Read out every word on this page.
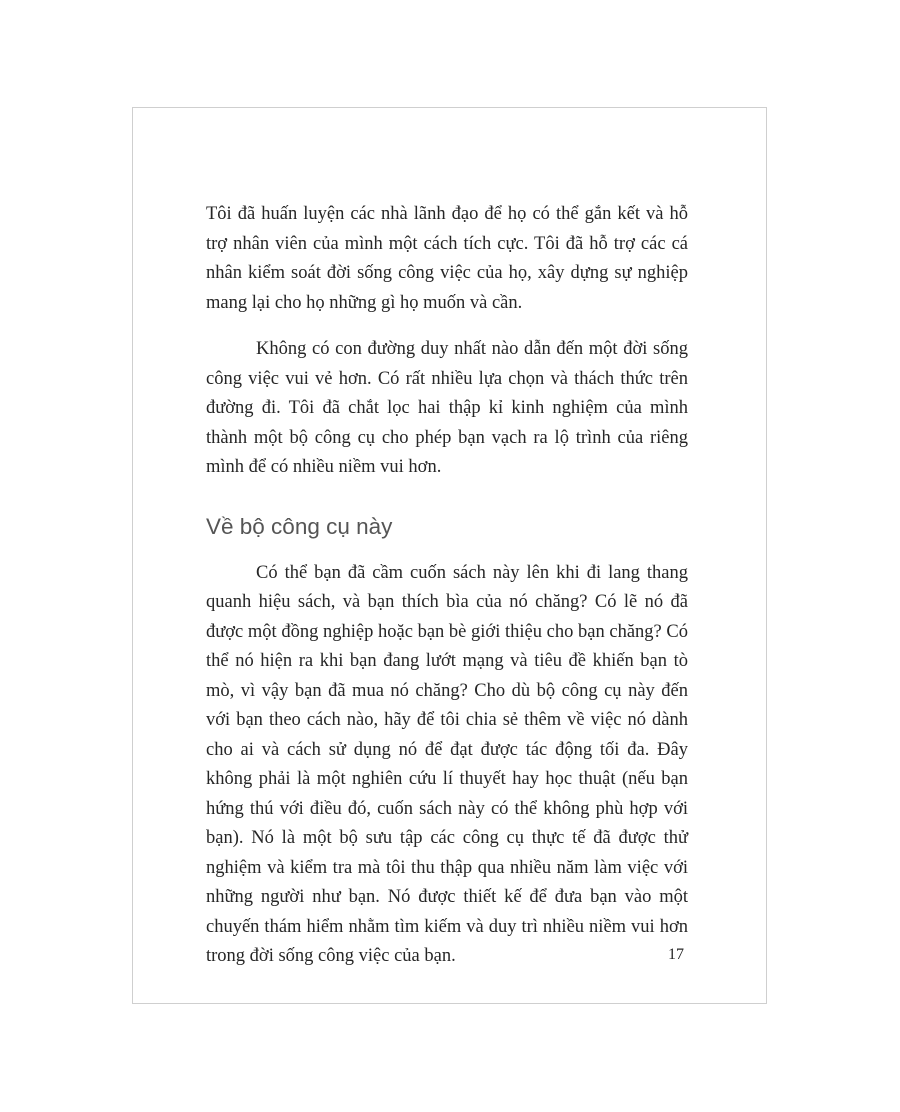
Tôi đã huấn luyện các nhà lãnh đạo để họ có thể gắn kết và hỗ trợ nhân viên của mình một cách tích cực. Tôi đã hỗ trợ các cá nhân kiểm soát đời sống công việc của họ, xây dựng sự nghiệp mang lại cho họ những gì họ muốn và cần.

Không có con đường duy nhất nào dẫn đến một đời sống công việc vui vẻ hơn. Có rất nhiều lựa chọn và thách thức trên đường đi. Tôi đã chắt lọc hai thập kỉ kinh nghiệm của mình thành một bộ công cụ cho phép bạn vạch ra lộ trình của riêng mình để có nhiều niềm vui hơn.

Về bộ công cụ này

Có thể bạn đã cầm cuốn sách này lên khi đi lang thang quanh hiệu sách, và bạn thích bìa của nó chăng? Có lẽ nó đã được một đồng nghiệp hoặc bạn bè giới thiệu cho bạn chăng? Có thể nó hiện ra khi bạn đang lướt mạng và tiêu đề khiến bạn tò mò, vì vậy bạn đã mua nó chăng? Cho dù bộ công cụ này đến với bạn theo cách nào, hãy để tôi chia sẻ thêm về việc nó dành cho ai và cách sử dụng nó để đạt được tác động tối đa. Đây không phải là một nghiên cứu lí thuyết hay học thuật (nếu bạn hứng thú với điều đó, cuốn sách này có thể không phù hợp với bạn). Nó là một bộ sưu tập các công cụ thực tế đã được thử nghiệm và kiểm tra mà tôi thu thập qua nhiều năm làm việc với những người như bạn. Nó được thiết kế để đưa bạn vào một chuyến thám hiểm nhằm tìm kiếm và duy trì nhiều niềm vui hơn trong đời sống công việc của bạn.	17
